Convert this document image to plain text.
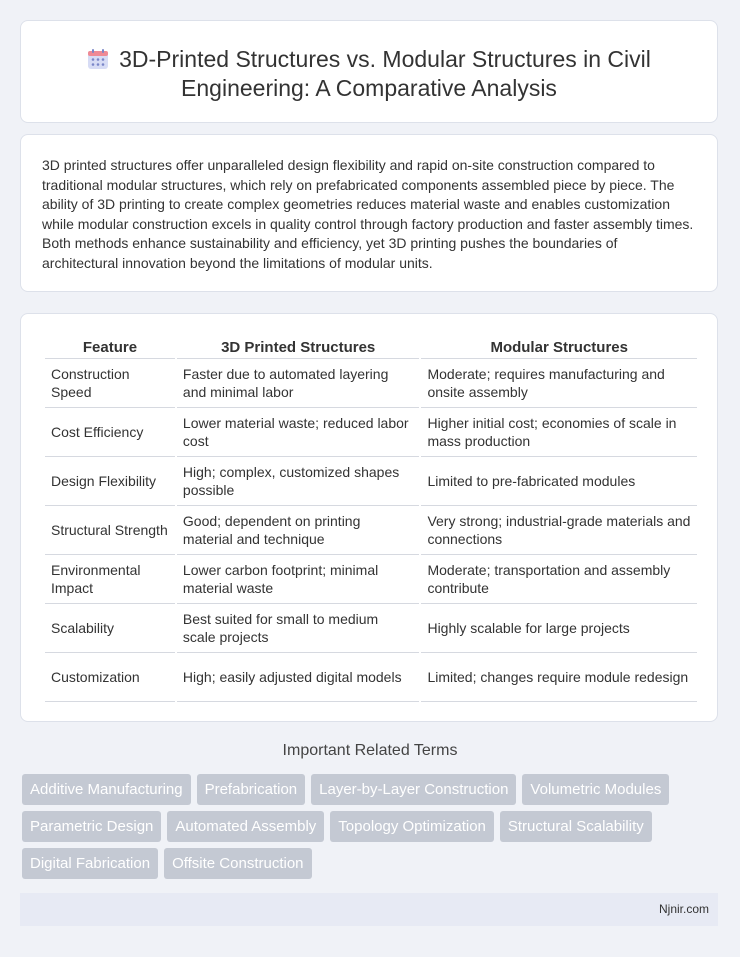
3D-Printed Structures vs. Modular Structures in Civil Engineering: A Comparative Analysis

3D printed structures offer unparalleled design flexibility and rapid on-site construction compared to traditional modular structures, which rely on prefabricated components assembled piece by piece. The ability of 3D printing to create complex geometries reduces material waste and enables customization while modular construction excels in quality control through factory production and faster assembly times. Both methods enhance sustainability and efficiency, yet 3D printing pushes the boundaries of architectural innovation beyond the limitations of modular units.

Feature	3D Printed Structures	Modular Structures
Construction Speed	Faster due to automated layering and minimal labor	Moderate; requires manufacturing and onsite assembly
Cost Efficiency	Lower material waste; reduced labor cost	Higher initial cost; economies of scale in mass production
Design Flexibility	High; complex, customized shapes possible	Limited to pre-fabricated modules
Structural Strength	Good; dependent on printing material and technique	Very strong; industrial-grade materials and connections
Environmental Impact	Lower carbon footprint; minimal material waste	Moderate; transportation and assembly contribute
Scalability	Best suited for small to medium scale projects	Highly scalable for large projects
Customization	High; easily adjusted digital models	Limited; changes require module redesign
Important Related Terms
Additive Manufacturing Prefabrication Layer-by-Layer Construction Volumetric Modules
Parametric Design Automated Assembly Topology Optimization Structural Scalability
Digital Fabrication Offsite Construction
Njnir.com
